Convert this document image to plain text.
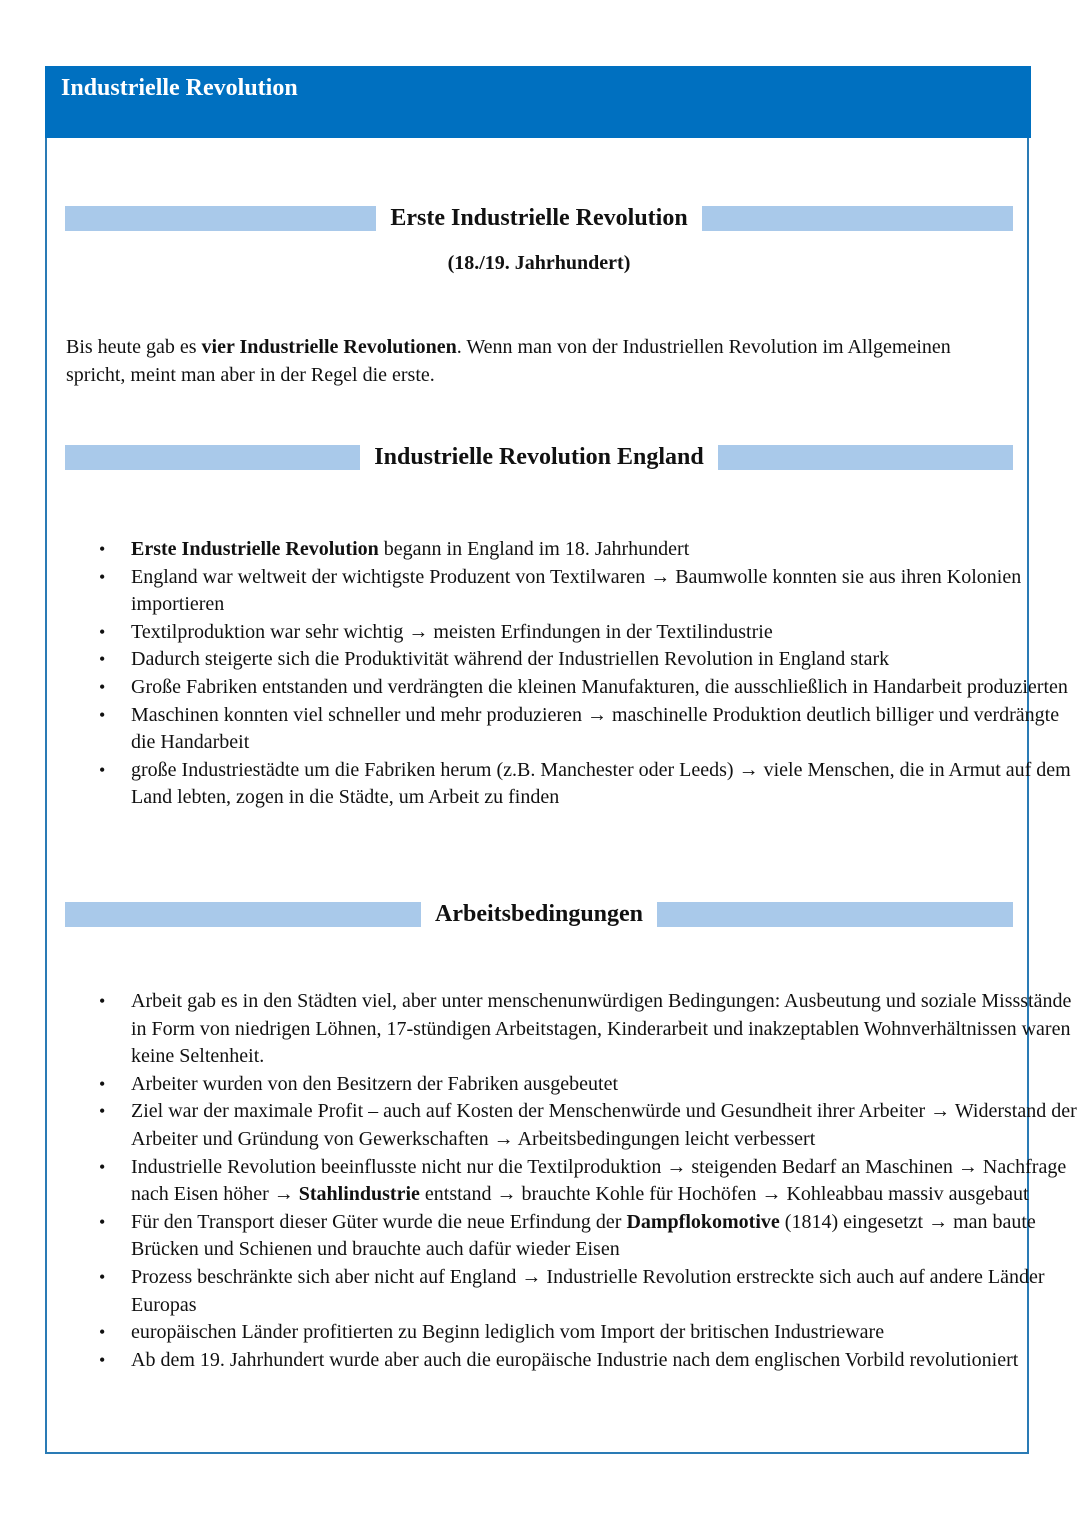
Industrielle Revolution
Erste Industrielle Revolution
(18./19. Jahrhundert)
Bis heute gab es vier Industrielle Revolutionen. Wenn man von der Industriellen Revolution im Allgemeinen spricht, meint man aber in der Regel die erste.
Industrielle Revolution England
• Erste Industrielle Revolution begann in England im 18. Jahrhundert
• England war weltweit der wichtigste Produzent von Textilwaren → Baumwolle konnten sie aus ihren Kolonien importieren
• Textilproduktion war sehr wichtig → meisten Erfindungen in der Textilindustrie
• Dadurch steigerte sich die Produktivität während der Industriellen Revolution in England stark
• Große Fabriken entstanden und verdrängten die kleinen Manufakturen, die ausschließlich in Handarbeit produzierten
• Maschinen konnten viel schneller und mehr produzieren → maschinelle Produktion deutlich billiger und verdrängte die Handarbeit
• große Industriestädte um die Fabriken herum (z.B. Manchester oder Leeds) → viele Menschen, die in Armut auf dem Land lebten, zogen in die Städte, um Arbeit zu finden
Arbeitsbedingungen
• Arbeit gab es in den Städten viel, aber unter menschenunwürdigen Bedingungen: Ausbeutung und soziale Missstände in Form von niedrigen Löhnen, 17-stündigen Arbeitstagen, Kinderarbeit und inakzeptablen Wohnverhältnissen waren keine Seltenheit.
• Arbeiter wurden von den Besitzern der Fabriken ausgebeutet
• Ziel war der maximale Profit – auch auf Kosten der Menschenwürde und Gesundheit ihrer Arbeiter → Widerstand der Arbeiter und Gründung von Gewerkschaften → Arbeitsbedingungen leicht verbessert
• Industrielle Revolution beeinflusste nicht nur die Textilproduktion → steigenden Bedarf an Maschinen → Nachfrage nach Eisen höher → Stahlindustrie entstand → brauchte Kohle für Hochöfen → Kohleabbau massiv ausgebaut
• Für den Transport dieser Güter wurde die neue Erfindung der Dampflokomotive (1814) eingesetzt → man baute Brücken und Schienen und brauchte auch dafür wieder Eisen
• Prozess beschränkte sich aber nicht auf England → Industrielle Revolution erstreckte sich auch auf andere Länder Europas
• europäischen Länder profitierten zu Beginn lediglich vom Import der britischen Industrieware
• Ab dem 19. Jahrhundert wurde aber auch die europäische Industrie nach dem englischen Vorbild revolutioniert
